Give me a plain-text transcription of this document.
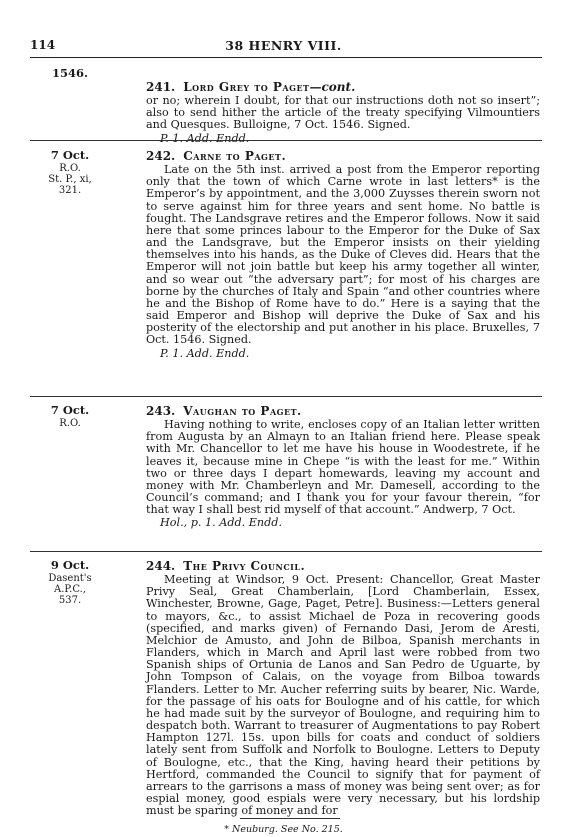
114	38 HENRY VIII.
1546.
241. Lord Grey to Paget—cont.

or no; wherein I doubt, for that our instructions doth not so insert”; also to send hither the article of the treaty specifying Vilmountiers and Quesques. Bulloigne, 7 Oct. 1546. Signed.

P. 1. Add. Endd.

7 Oct.
R.O.
St. P., xi,
321.
242. Carne to Paget.

Late on the 5th inst. arrived a post from the Emperor reporting only that the town of which Carne wrote in last letters* is the Emperor’s by appointment, and the 3,000 Zuysses therein sworn not to serve against him for three years and sent home. No battle is fought. The Landsgrave retires and the Emperor follows. Now it said here that some princes labour to the Emperor for the Duke of Sax and the Landsgrave, but the Emperor insists on their yielding themselves into his hands, as the Duke of Cleves did. Hears that the Emperor will not join battle but keep his army together all winter, and so wear out “the adversary part”; for most of his charges are borne by the churches of Italy and Spain “and other countries where he and the Bishop of Rome have to do.” Here is a saying that the said Emperor and Bishop will deprive the Duke of Sax and his posterity of the electorship and put another in his place. Bruxelles, 7 Oct. 1546. Signed.

P. 1. Add. Endd.

7 Oct.
R.O.
243. Vaughan to Paget.

Having nothing to write, encloses copy of an Italian letter written from Augusta by an Almayn to an Italian friend here. Please speak with Mr. Chancellor to let me have his house in Woodestrete, if he leaves it, because mine in Chepe “is with the least for me.” Within two or three days I depart homewards, leaving my account and money with Mr. Chamberleyn and Mr. Damesell, according to the Council’s command; and I thank you for your favour therein, “for that way I shall best rid myself of that account.” Andwerp, 7 Oct.

Hol., p. 1. Add. Endd.

9 Oct.
Dasent's
A.P.C.,
537.
244. The Privy Council.

Meeting at Windsor, 9 Oct. Present: Chancellor, Great Master Privy Seal, Great Chamberlain, [Lord Chamberlain, Essex, Winchester, Browne, Gage, Paget, Petre]. Business:—Letters general to mayors, &c., to assist Michael de Poza in recovering goods (specified, and marks given) of Fernando Dasi, Jerom de Aresti, Melchior de Amusto, and John de Bilboa, Spanish merchants in Flanders, which in March and April last were robbed from two Spanish ships of Ortunia de Lanos and San Pedro de Uguarte, by John Tompson of Calais, on the voyage from Bilboa towards Flanders. Letter to Mr. Aucher referring suits by bearer, Nic. Warde, for the passage of his oats for Boulogne and of his cattle, for which he had made suit by the surveyor of Boulogne, and requiring him to despatch both. Warrant to treasurer of Augmentations to pay Robert Hampton 127l. 15s. upon bills for coats and conduct of soldiers lately sent from Suffolk and Norfolk to Boulogne. Letters to Deputy of Boulogne, etc., that the King, having heard their petitions by Hertford, commanded the Council to signify that for payment of arrears to the garrisons a mass of money was being sent over; as for espial money, good espials were very necessary, but his lordship must be sparing of money and for

* Neuburg. See No. 215.
